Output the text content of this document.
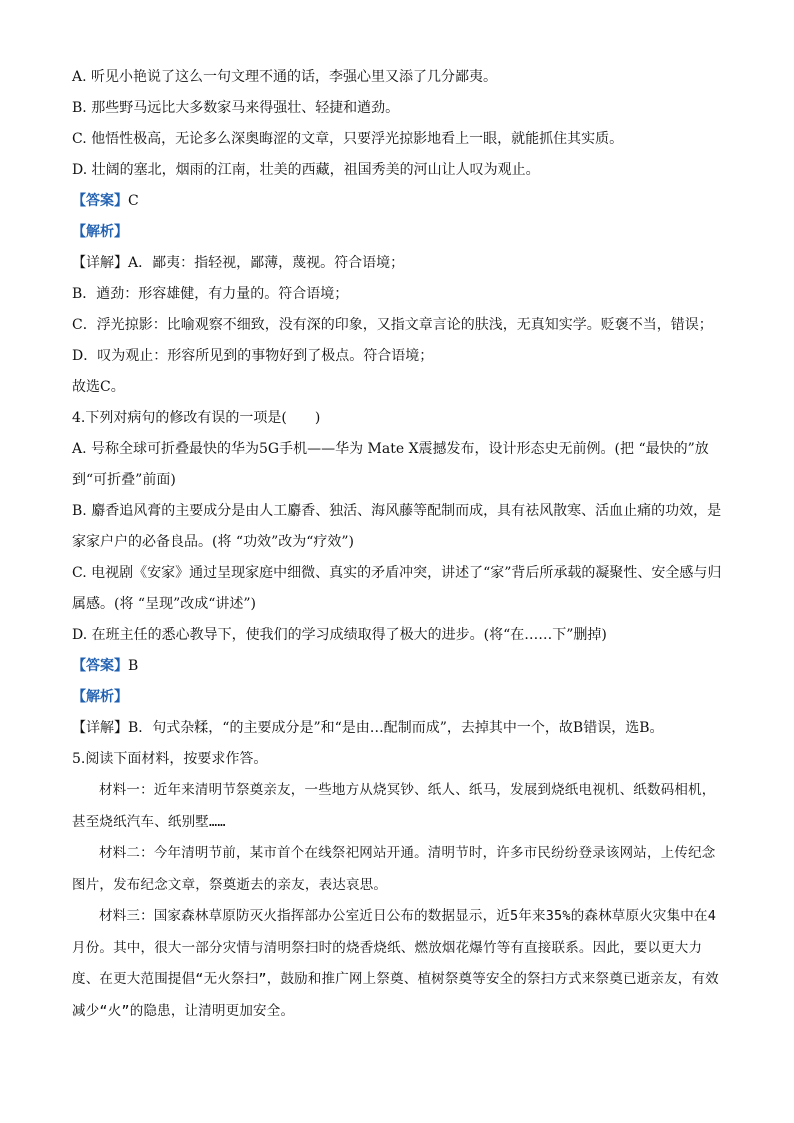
A. 听见小艳说了这么一句文理不通的话，李强心里又添了几分鄙夷。
B. 那些野马远比大多数家马来得强壮、轻捷和遒劲。
C. 他悟性极高，无论多么深奥晦涩的文章，只要浮光掠影地看上一眼，就能抓住其实质。
D. 壮阔的塞北，烟雨的江南，壮美的西藏，祖国秀美的河山让人叹为观止。
【答案】C
【解析】
【详解】A．鄙夷：指轻视，鄙薄，蔑视。符合语境；
B．遒劲：形容雄健，有力量的。符合语境；
C．浮光掠影：比喻观察不细致，没有深的印象，又指文章言论的肤浅，无真知实学。贬褒不当，错误；
D．叹为观止：形容所见到的事物好到了极点。符合语境；
故选C。
4.下列对病句的修改有误的一项是(　　)
A. 号称全球可折叠最快的华为5G手机——华为 Mate X震撼发布，设计形态史无前例。(把 “最快的”放到“可折叠”前面)
B. 麝香追风膏的主要成分是由人工麝香、独活、海风藤等配制而成，具有祛风散寒、活血止痛的功效，是家家户户的必备良品。(将 “功效”改为“疗效”)
C. 电视剧《安家》通过呈现家庭中细微、真实的矛盾冲突，讲述了“家”背后所承载的凝聚性、安全感与归属感。(将 “呈现”改成“讲述”)
D. 在班主任的悉心教导下，使我们的学习成绩取得了极大的进步。(将“在……下”删掉)
【答案】B
【解析】
【详解】B．句式杂糅，“的主要成分是”和“是由…配制而成”，去掉其中一个，故B错误，选B。
5.阅读下面材料，按要求作答。
材料一：近年来清明节祭奠亲友，一些地方从烧冥钞、纸人、纸马，发展到烧纸电视机、纸数码相机，甚至烧纸汽车、纸别墅……
材料二：今年清明节前，某市首个在线祭祀网站开通。清明节时，许多市民纷纷登录该网站，上传纪念图片，发布纪念文章，祭奠逝去的亲友，表达哀思。
材料三：国家森林草原防灭火指挥部办公室近日公布的数据显示，近5年来35%的森林草原火灾集中在4月份。其中，很大一部分灾情与清明祭扫时的烧香烧纸、燃放烟花爆竹等有直接联系。因此，要以更大力度、在更大范围提倡“无火祭扫”，鼓励和推广网上祭奠、植树祭奠等安全的祭扫方式来祭奠已逝亲友，有效减少“火”的隐患，让清明更加安全。
